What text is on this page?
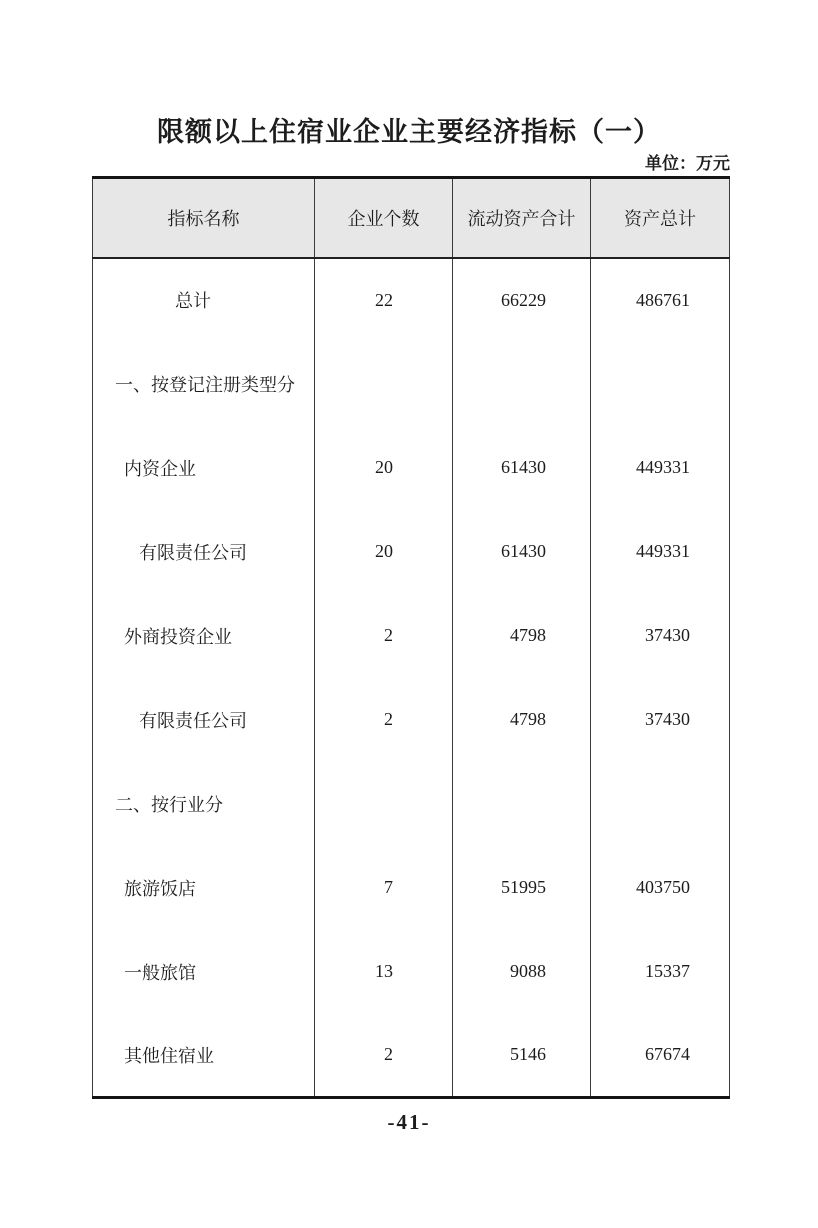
限额以上住宿业企业主要经济指标（一）
单位：万元
指标名称	企业个数	流动资产合计	资产总计
总计	22	66229	486761
一、按登记注册类型分			
内资企业	20	61430	449331
有限责任公司	20	61430	449331
外商投资企业	2	4798	37430
有限责任公司	2	4798	37430
二、按行业分			
旅游饭店	7	51995	403750
一般旅馆	13	9088	15337
其他住宿业	2	5146	67674
-41-
